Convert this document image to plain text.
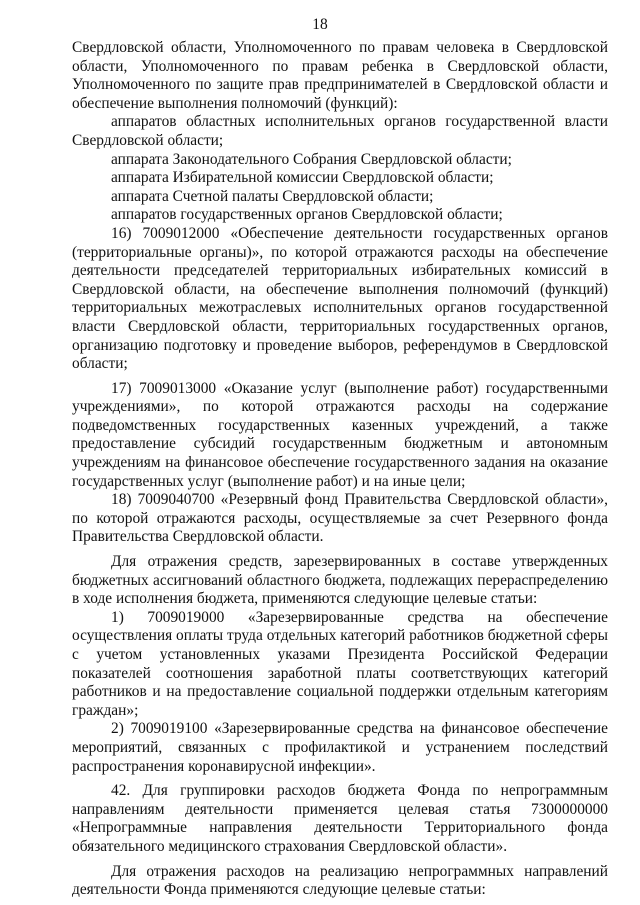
18

Свердловской области, Уполномоченного по правам человека в Свердловской области, Уполномоченного по правам ребенка в Свердловской области, Уполномоченного по защите прав предпринимателей в Свердловской области и обеспечение выполнения полномочий (функций):

аппаратов областных исполнительных органов государственной власти Свердловской области;

аппарата Законодательного Собрания Свердловской области;

аппарата Избирательной комиссии Свердловской области;

аппарата Счетной палаты Свердловской области;

аппаратов государственных органов Свердловской области;

16) 7009012000 «Обеспечение деятельности государственных органов (территориальные органы)», по которой отражаются расходы на обеспечение деятельности председателей территориальных избирательных комиссий в Свердловской области, на обеспечение выполнения полномочий (функций) территориальных межотраслевых исполнительных органов государственной власти Свердловской области, территориальных государственных органов, организацию подготовку и проведение выборов, референдумов в Свердловской области;

17) 7009013000 «Оказание услуг (выполнение работ) государственными учреждениями», по которой отражаются расходы на содержание подведомственных государственных казенных учреждений, а также предоставление субсидий государственным бюджетным и автономным учреждениям на финансовое обеспечение государственного задания на оказание государственных услуг (выполнение работ) и на иные цели;

18) 7009040700 «Резервный фонд Правительства Свердловской области», по которой отражаются расходы, осуществляемые за счет Резервного фонда Правительства Свердловской области.

Для отражения средств, зарезервированных в составе утвержденных бюджетных ассигнований областного бюджета, подлежащих перераспределению в ходе исполнения бюджета, применяются следующие целевые статьи:

1) 7009019000 «Зарезервированные средства на обеспечение осуществления оплаты труда отдельных категорий работников бюджетной сферы с учетом установленных указами Президента Российской Федерации показателей соотношения заработной платы соответствующих категорий работников и на предоставление социальной поддержки отдельным категориям граждан»;

2) 7009019100 «Зарезервированные средства на финансовое обеспечение мероприятий, связанных с профилактикой и устранением последствий распространения коронавирусной инфекции».

42. Для группировки расходов бюджета Фонда по непрограммным направлениям деятельности применяется целевая статья 7300000000 «Непрограммные направления деятельности Территориального фонда обязательного медицинского страхования Свердловской области».

Для отражения расходов на реализацию непрограммных направлений деятельности Фонда применяются следующие целевые статьи:
